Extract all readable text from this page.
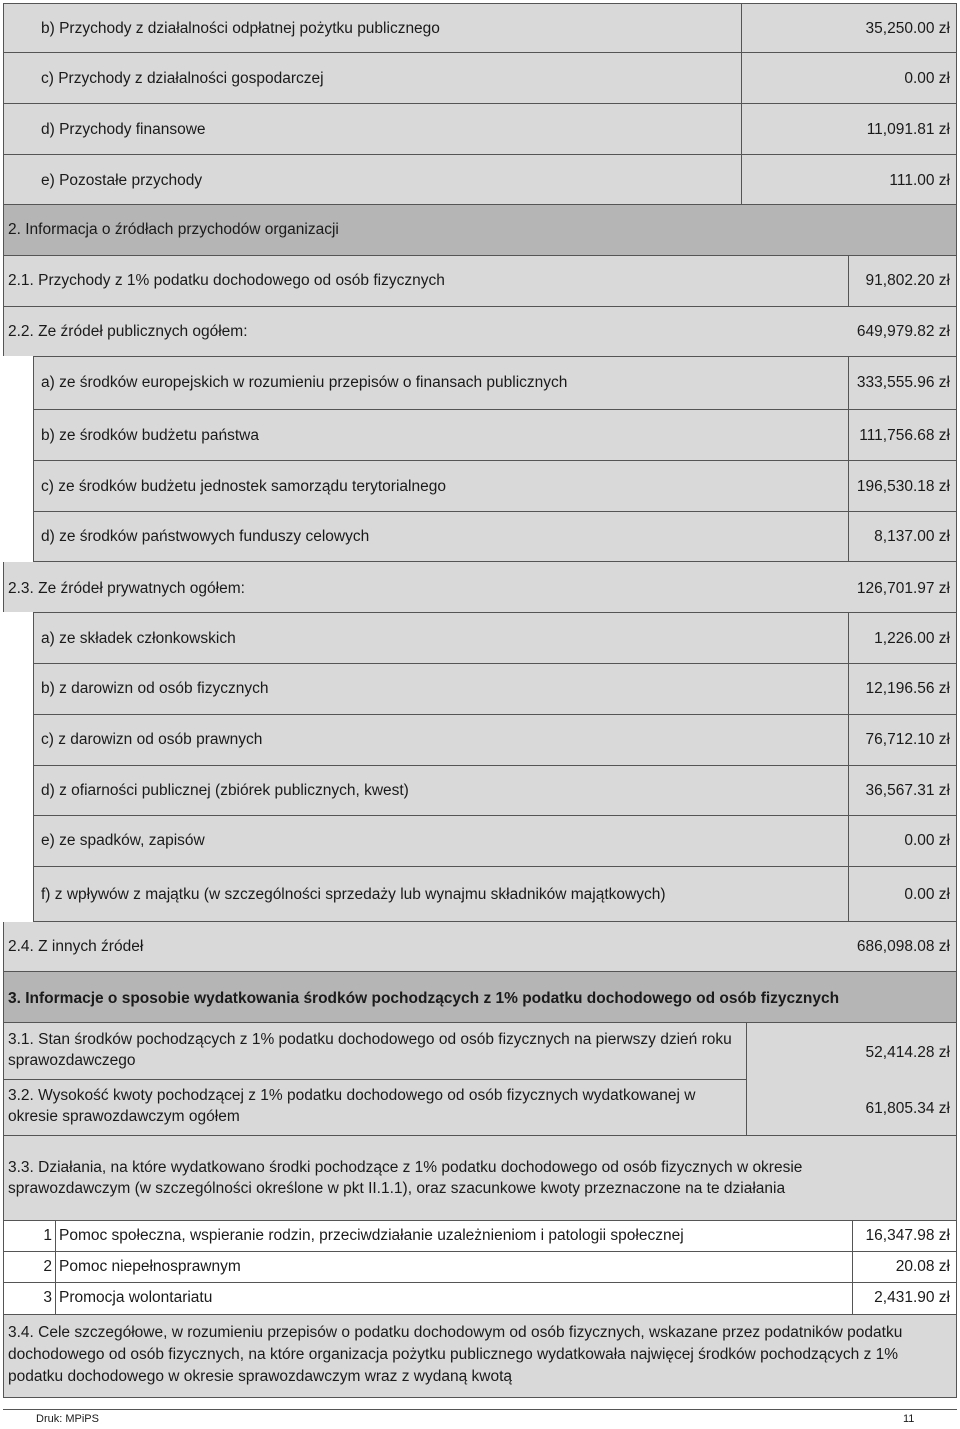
b) Przychody z działalności odpłatnej pożytku publicznego	35,250.00 zł
c) Przychody z działalności gospodarczej	0.00 zł
d) Przychody finansowe	11,091.81 zł
e) Pozostałe przychody	111.00 zł
2. Informacja o źródłach przychodów organizacji
2.1. Przychody z 1% podatku dochodowego od osób fizycznych	91,802.20 zł
2.2. Ze źródeł publicznych ogółem:	649,979.82 zł
a) ze środków europejskich w rozumieniu przepisów o finansach publicznych	333,555.96 zł
b) ze środków budżetu państwa	111,756.68 zł
c) ze środków budżetu jednostek samorządu terytorialnego	196,530.18 zł
d) ze środków państwowych funduszy celowych	8,137.00 zł
2.3. Ze źródeł prywatnych ogółem:	126,701.97 zł
a) ze składek członkowskich	1,226.00 zł
b) z darowizn od osób fizycznych	12,196.56 zł
c) z darowizn od osób prawnych	76,712.10 zł
d) z ofiarności publicznej (zbiórek publicznych, kwest)	36,567.31 zł
e) ze spadków, zapisów	0.00 zł
f) z wpływów z majątku (w szczególności sprzedaży lub wynajmu składników majątkowych)	0.00 zł
2.4. Z innych źródeł	686,098.08 zł
3. Informacje o sposobie wydatkowania środków pochodzących z 1% podatku dochodowego od osób fizycznych
3.1. Stan środków pochodzących z 1% podatku dochodowego od osób fizycznych na pierwszy dzień roku sprawozdawczego	52,414.28 zł
3.2. Wysokość kwoty pochodzącej z 1% podatku dochodowego od osób fizycznych wydatkowanej w okresie sprawozdawczym ogółem	61,805.34 zł
3.3. Działania, na które wydatkowano środki pochodzące z 1% podatku dochodowego od osób fizycznych w okresie sprawozdawczym (w szczególności określone w pkt II.1.1), oraz szacunkowe kwoty przeznaczone na te działania
1 Pomoc społeczna, wspieranie rodzin, przeciwdziałanie uzależnieniom i patologii społecznej	16,347.98 zł
2 Pomoc niepełnosprawnym	20.08 zł
3 Promocja wolontariatu	2,431.90 zł
3.4. Cele szczegółowe, w rozumieniu przepisów o podatku dochodowym od osób fizycznych, wskazane przez podatników podatku dochodowego od osób fizycznych, na które organizacja pożytku publicznego wydatkowała najwięcej środków pochodzących z 1% podatku dochodowego w okresie sprawozdawczym wraz z wydaną kwotą
Druk: MPiPS	11
